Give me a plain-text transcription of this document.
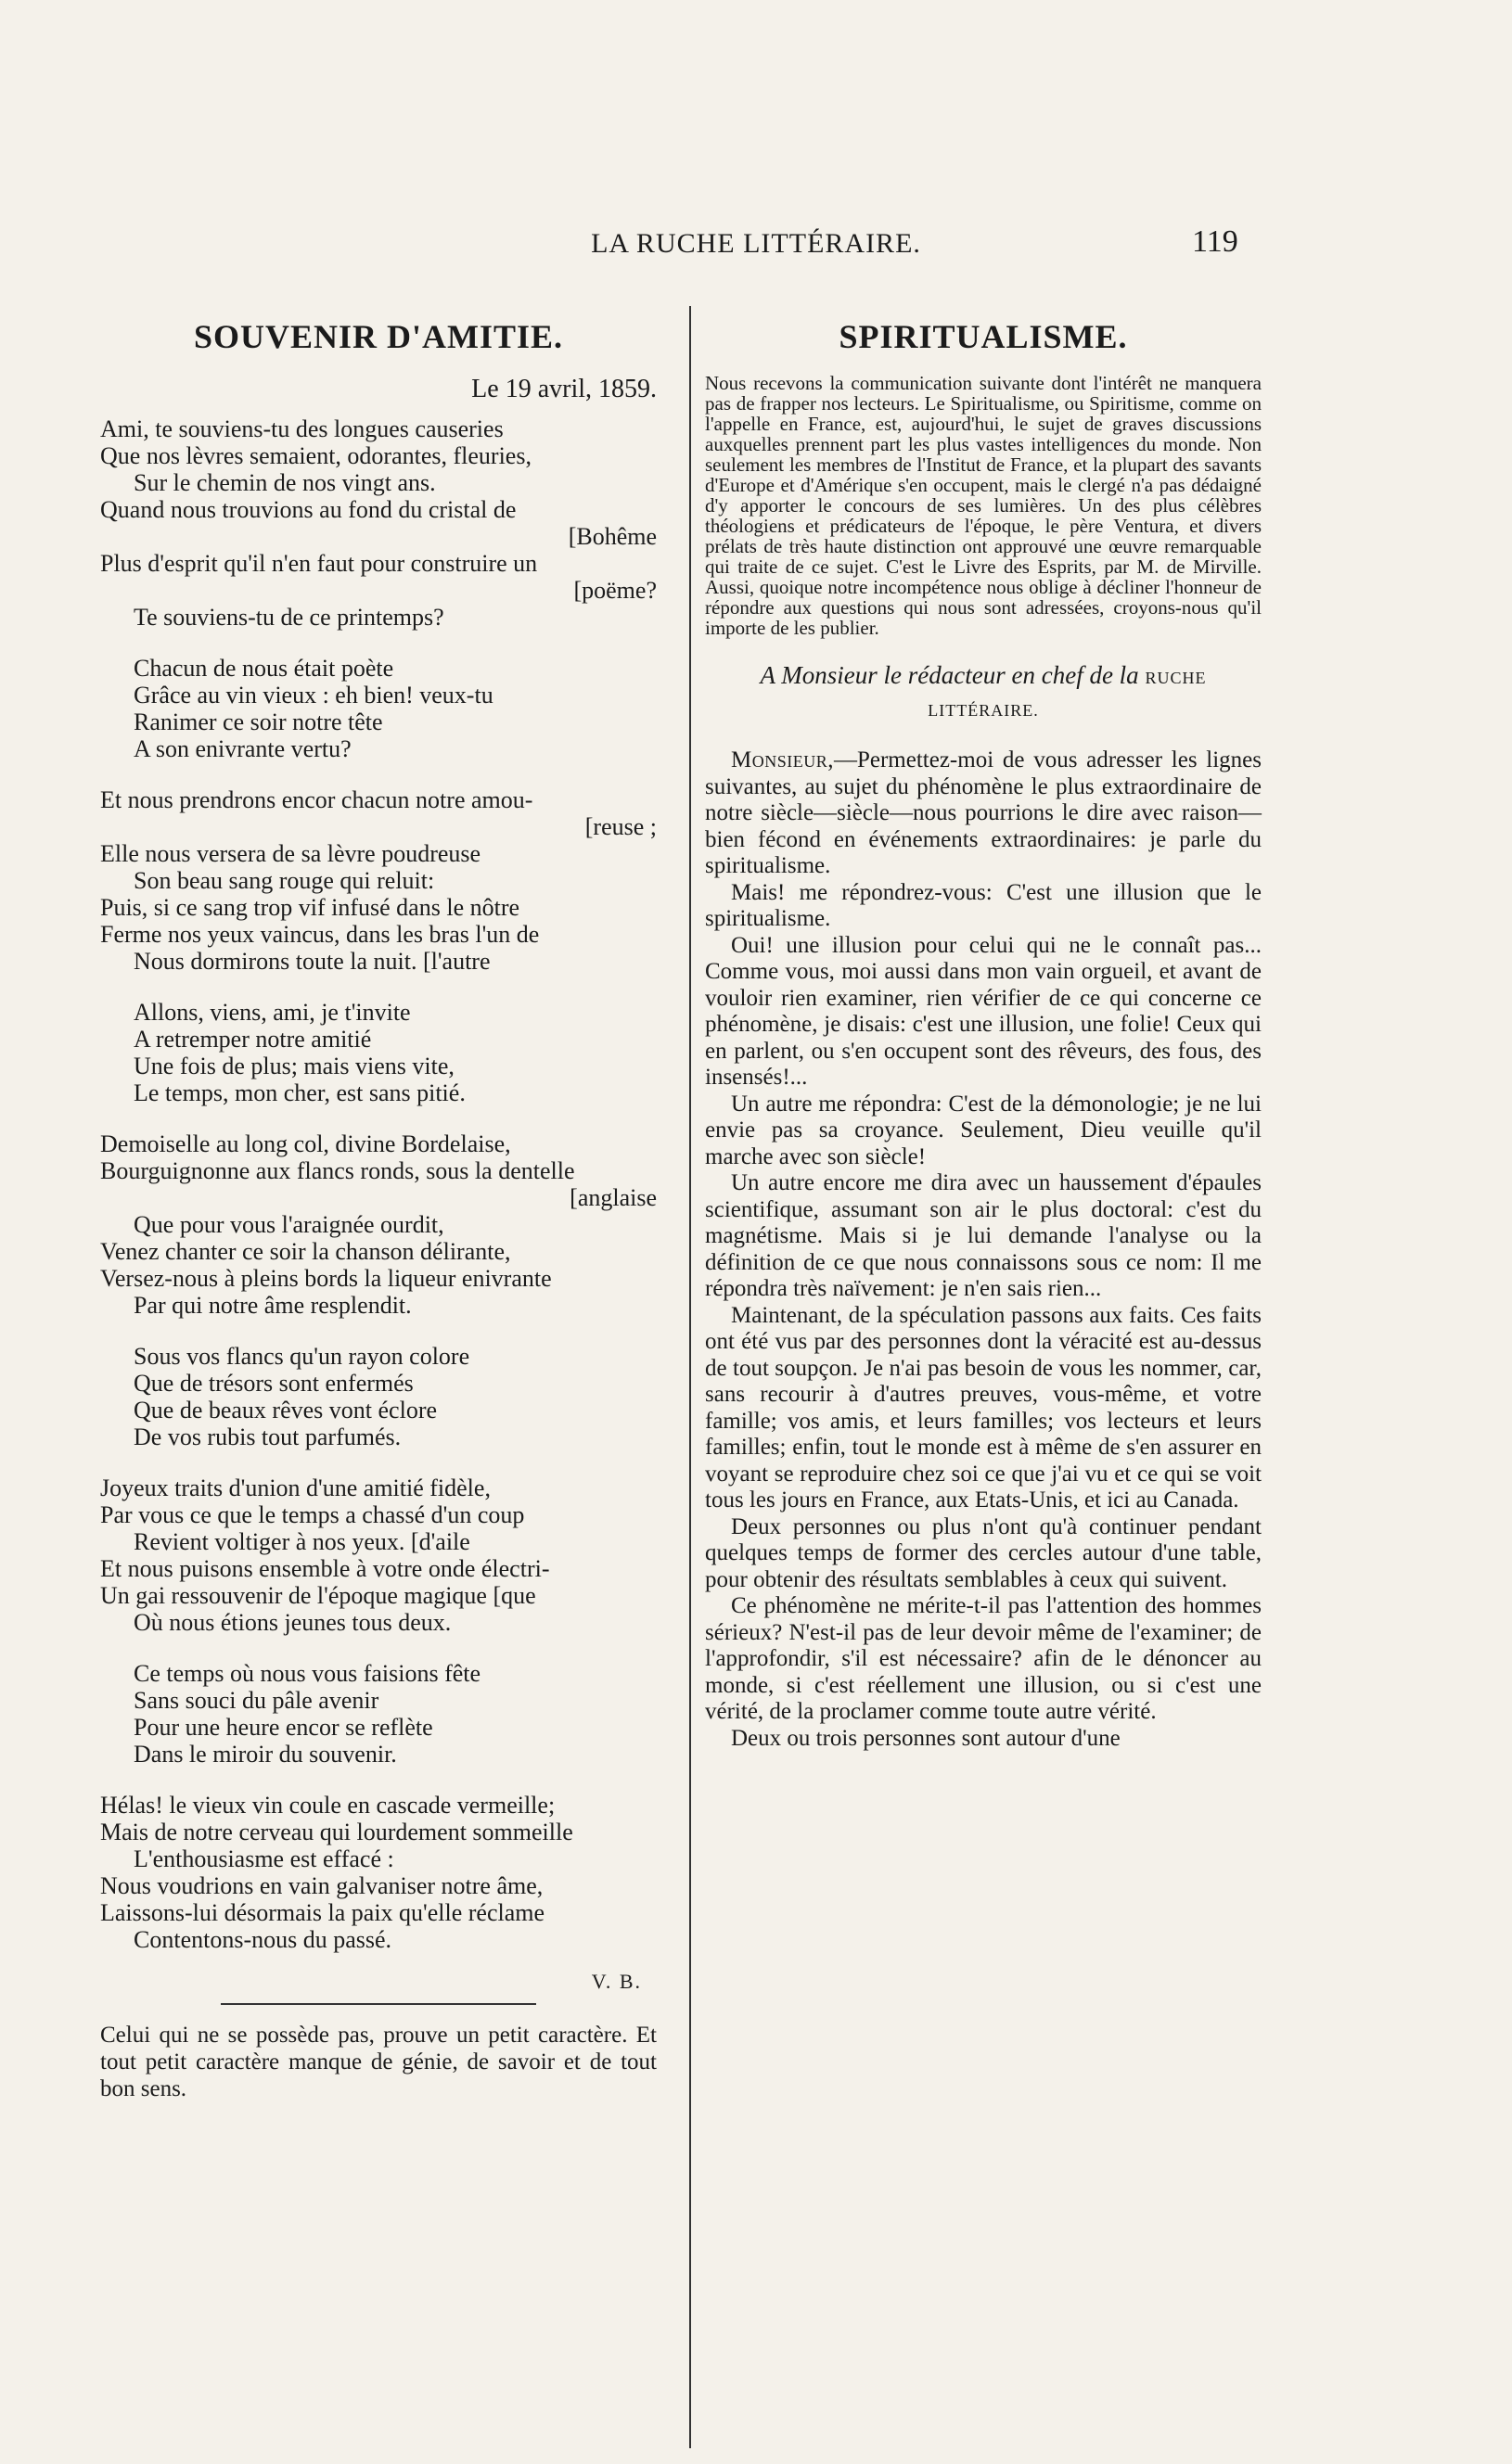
LA RUCHE LITTÉRAIRE.	119
SOUVENIR D'AMITIE.
Le 19 avril, 1859.
Ami, te souviens-tu des longues causeries
Que nos lèvres semaient, odorantes, fleuries,
Sur le chemin de nos vingt ans.
Quand nous trouvions au fond du cristal de
[Bohême
Plus d'esprit qu'il n'en faut pour construire un
[poëme?
Te souviens-tu de ce printemps?
Chacun de nous était poète
Grâce au vin vieux : eh bien! veux-tu
Ranimer ce soir notre tête
A son enivrante vertu?
Et nous prendrons encor chacun notre amou-
[reuse ;
Elle nous versera de sa lèvre poudreuse
Son beau sang rouge qui reluit:
Puis, si ce sang trop vif infusé dans le nôtre
Ferme nos yeux vaincus, dans les bras l'un de
Nous dormirons toute la nuit. [l'autre
Allons, viens, ami, je t'invite
A retremper notre amitié
Une fois de plus; mais viens vite,
Le temps, mon cher, est sans pitié.
Demoiselle au long col, divine Bordelaise,
Bourguignonne aux flancs ronds, sous la dentelle
[anglaise
Que pour vous l'araignée ourdit,
Venez chanter ce soir la chanson délirante,
Versez-nous à pleins bords la liqueur enivrante
Par qui notre âme resplendit.
Sous vos flancs qu'un rayon colore
Que de trésors sont enfermés
Que de beaux rêves vont éclore
De vos rubis tout parfumés.
Joyeux traits d'union d'une amitié fidèle,
Par vous ce que le temps a chassé d'un coup
Revient voltiger à nos yeux. [d'aile
Et nous puisons ensemble à votre onde électri-
Un gai ressouvenir de l'époque magique [que
Où nous étions jeunes tous deux.
Ce temps où nous vous faisions fête
Sans souci du pâle avenir
Pour une heure encor se reflète
Dans le miroir du souvenir.
Hélas! le vieux vin coule en cascade vermeille;
Mais de notre cerveau qui lourdement sommeille
L'enthousiasme est effacé :
Nous voudrions en vain galvaniser notre âme,
Laissons-lui désormais la paix qu'elle réclame
Contentons-nous du passé.
V. B.
Celui qui ne se possède pas, prouve un petit caractère. Et tout petit caractère manque de génie, de savoir et de tout bon sens.
SPIRITUALISME.
Nous recevons la communication suivante dont l'intérêt ne manquera pas de frapper nos lecteurs. Le Spiritualisme, ou Spiritisme, comme on l'appelle en France, est, aujourd'hui, le sujet de graves discussions auxquelles prennent part les plus vastes intelligences du monde. Non seulement les membres de l'Institut de France, et la plupart des savants d'Europe et d'Amérique s'en occupent, mais le clergé n'a pas dédaigné d'y apporter le concours de ses lumières. Un des plus célèbres théologiens et prédicateurs de l'époque, le père Ventura, et divers prélats de très haute distinction ont approuvé une œuvre remarquable qui traite de ce sujet. C'est le Livre des Esprits, par M. de Mirville. Aussi, quoique notre incompétence nous oblige à décliner l'honneur de répondre aux questions qui nous sont adressées, croyons-nous qu'il importe de les publier.
A Monsieur le rédacteur en chef de la RUCHE
LITTÉRAIRE.

Monsieur,—Permettez-moi de vous adresser les lignes suivantes, au sujet du phénomène le plus extraordinaire de notre siècle—siècle—nous pourrions le dire avec raison—bien fécond en événements extraordinaires: je parle du spiritualisme.

Mais! me répondrez-vous: C'est une illusion que le spiritualisme.

Oui! une illusion pour celui qui ne le connaît pas... Comme vous, moi aussi dans mon vain orgueil, et avant de vouloir rien examiner, rien vérifier de ce qui concerne ce phénomène, je disais: c'est une illusion, une folie! Ceux qui en parlent, ou s'en occupent sont des rêveurs, des fous, des insensés!...

Un autre me répondra: C'est de la démonologie; je ne lui envie pas sa croyance. Seulement, Dieu veuille qu'il marche avec son siècle!

Un autre encore me dira avec un haussement d'épaules scientifique, assumant son air le plus doctoral: c'est du magnétisme. Mais si je lui demande l'analyse ou la définition de ce que nous connaissons sous ce nom: Il me répondra très naïvement: je n'en sais rien...

Maintenant, de la spéculation passons aux faits. Ces faits ont été vus par des personnes dont la véracité est au-dessus de tout soupçon. Je n'ai pas besoin de vous les nommer, car, sans recourir à d'autres preuves, vous-même, et votre famille; vos amis, et leurs familles; vos lecteurs et leurs familles; enfin, tout le monde est à même de s'en assurer en voyant se reproduire chez soi ce que j'ai vu et ce qui se voit tous les jours en France, aux Etats-Unis, et ici au Canada.

Deux personnes ou plus n'ont qu'à continuer pendant quelques temps de former des cercles autour d'une table, pour obtenir des résultats semblables à ceux qui suivent.

Ce phénomène ne mérite-t-il pas l'attention des hommes sérieux? N'est-il pas de leur devoir même de l'examiner; de l'approfondir, s'il est nécessaire? afin de le dénoncer au monde, si c'est réellement une illusion, ou si c'est une vérité, de la proclamer comme toute autre vérité.

Deux ou trois personnes sont autour d'une
